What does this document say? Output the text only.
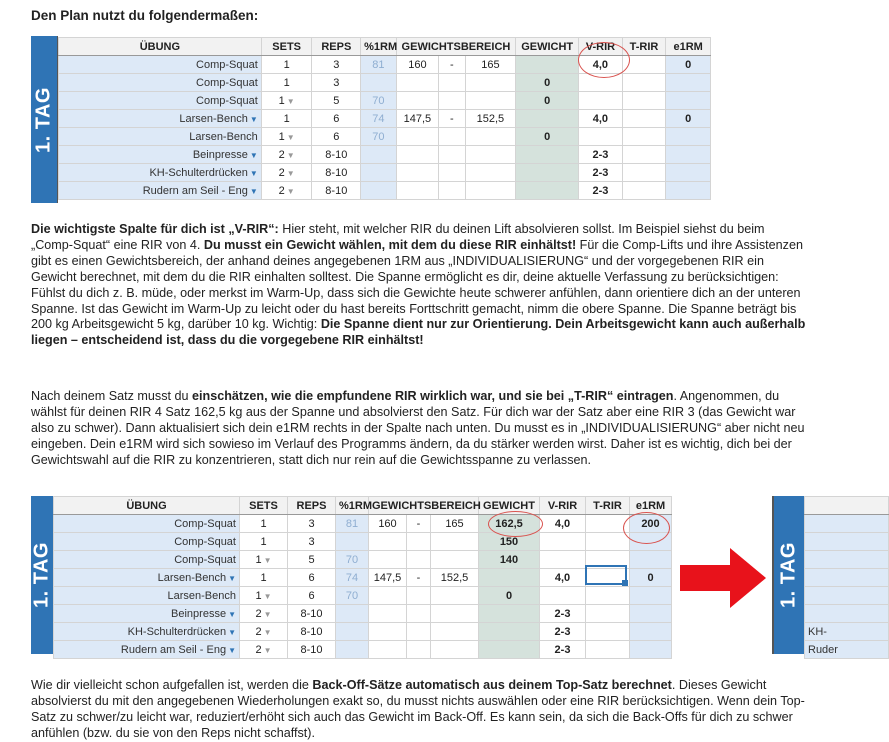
Den Plan nutzt du folgendermaßen:
1. TAG
ÜBUNG	SETS	REPS	%1RM	GEWICHTSBEREICH			GEWICHT	V-RIR	T-RIR	e1RM
Comp-Squat	1	3	81	160	-	165		4,0		0
Comp-Squat	1	3					0			
Comp-Squat	1 ▼	5	70				0			
Larsen-Bench ▼	1	6	74	147,5	-	152,5		4,0		0
Larsen-Bench	1 ▼	6	70				0			
Beinpresse ▼	2 ▼	8-10						2-3		
KH-Schulterdrücken ▼	2 ▼	8-10						2-3		
Rudern am Seil - Eng ▼	2 ▼	8-10						2-3		

Die wichtigste Spalte für dich ist „V-RIR“: Hier steht, mit welcher RIR du deinen Lift absolvieren sollst. Im Beispiel siehst du beim „Comp-Squat“ eine RIR von 4. Du musst ein Gewicht wählen, mit dem du diese RIR einhältst! Für die Comp-Lifts und ihre Assistenzen gibt es einen Gewichtsbereich, der anhand deines angegebenen 1RM aus „INDIVIDUALISIERUNG“ und der vorgegebenen RIR ein Gewicht berechnet, mit dem du die RIR einhalten solltest. Die Spanne ermöglicht es dir, deine aktuelle Verfassung zu berücksichtigen: Fühlst du dich z. B. müde, oder merkst im Warm-Up, dass sich die Gewichte heute schwerer anfühlen, dann orientiere dich an der unteren Spanne. Ist das Gewicht im Warm-Up zu leicht oder du hast bereits Forttschritt gemacht, nimm die obere Spanne. Die Spanne beträgt bis 200 kg Arbeitsgewicht 5 kg, darüber 10 kg. Wichtig: Die Spanne dient nur zur Orientierung. Dein Arbeitsgewicht kann auch außerhalb liegen – entscheidend ist, dass du die vorgegebene RIR einhältst!

Nach deinem Satz musst du einschätzen, wie die empfundene RIR wirklich war, und sie bei „T-RIR“ eintragen. Angenommen, du wählst für deinen RIR 4 Satz 162,5 kg aus der Spanne und absolvierst den Satz. Für dich war der Satz aber eine RIR 3 (das Gewicht war also zu schwer). Dann aktualisiert sich dein e1RM rechts in der Spalte nach unten. Du musst es in „INDIVIDUALISIERUNG“ aber nicht neu eingeben. Dein e1RM wird sich sowieso im Verlauf des Programms ändern, da du stärker werden wirst. Daher ist es wichtig, dich bei der Gewichtswahl auf die RIR zu konzentrieren, statt dich nur rein auf die Gewichtsspanne zu verlassen.

1. TAG
ÜBUNG	SETS	REPS	%1RM	GEWICHTSBEREICH			GEWICHT	V-RIR	T-RIR	e1RM
Comp-Squat	1	3	81	160	-	165	162,5	4,0		200
Comp-Squat	1	3					150			
Comp-Squat	1 ▼	5	70				140			
Larsen-Bench ▼	1	6	74	147,5	-	152,5		4,0		0
Larsen-Bench	1 ▼	6	70				0			
Beinpresse ▼	2 ▼	8-10						2-3		
KH-Schulterdrücken ▼	2 ▼	8-10						2-3		
Rudern am Seil - Eng ▼	2 ▼	8-10						2-3		
1. TAG

KH-
Ruder

Wie dir vielleicht schon aufgefallen ist, werden die Back-Off-Sätze automatisch aus deinem Top-Satz berechnet. Dieses Gewicht absolvierst du mit den angegebenen Wiederholungen exakt so, du musst nichts auswählen oder eine RIR berücksichtigen. Wenn dein Top-Satz zu schwer/zu leicht war, reduziert/erhöht sich auch das Gewicht im Back-Off. Es kann sein, da sich die Back-Offs für dich zu schwer anfühlen (bzw. du sie von den Reps nicht schaffst).
